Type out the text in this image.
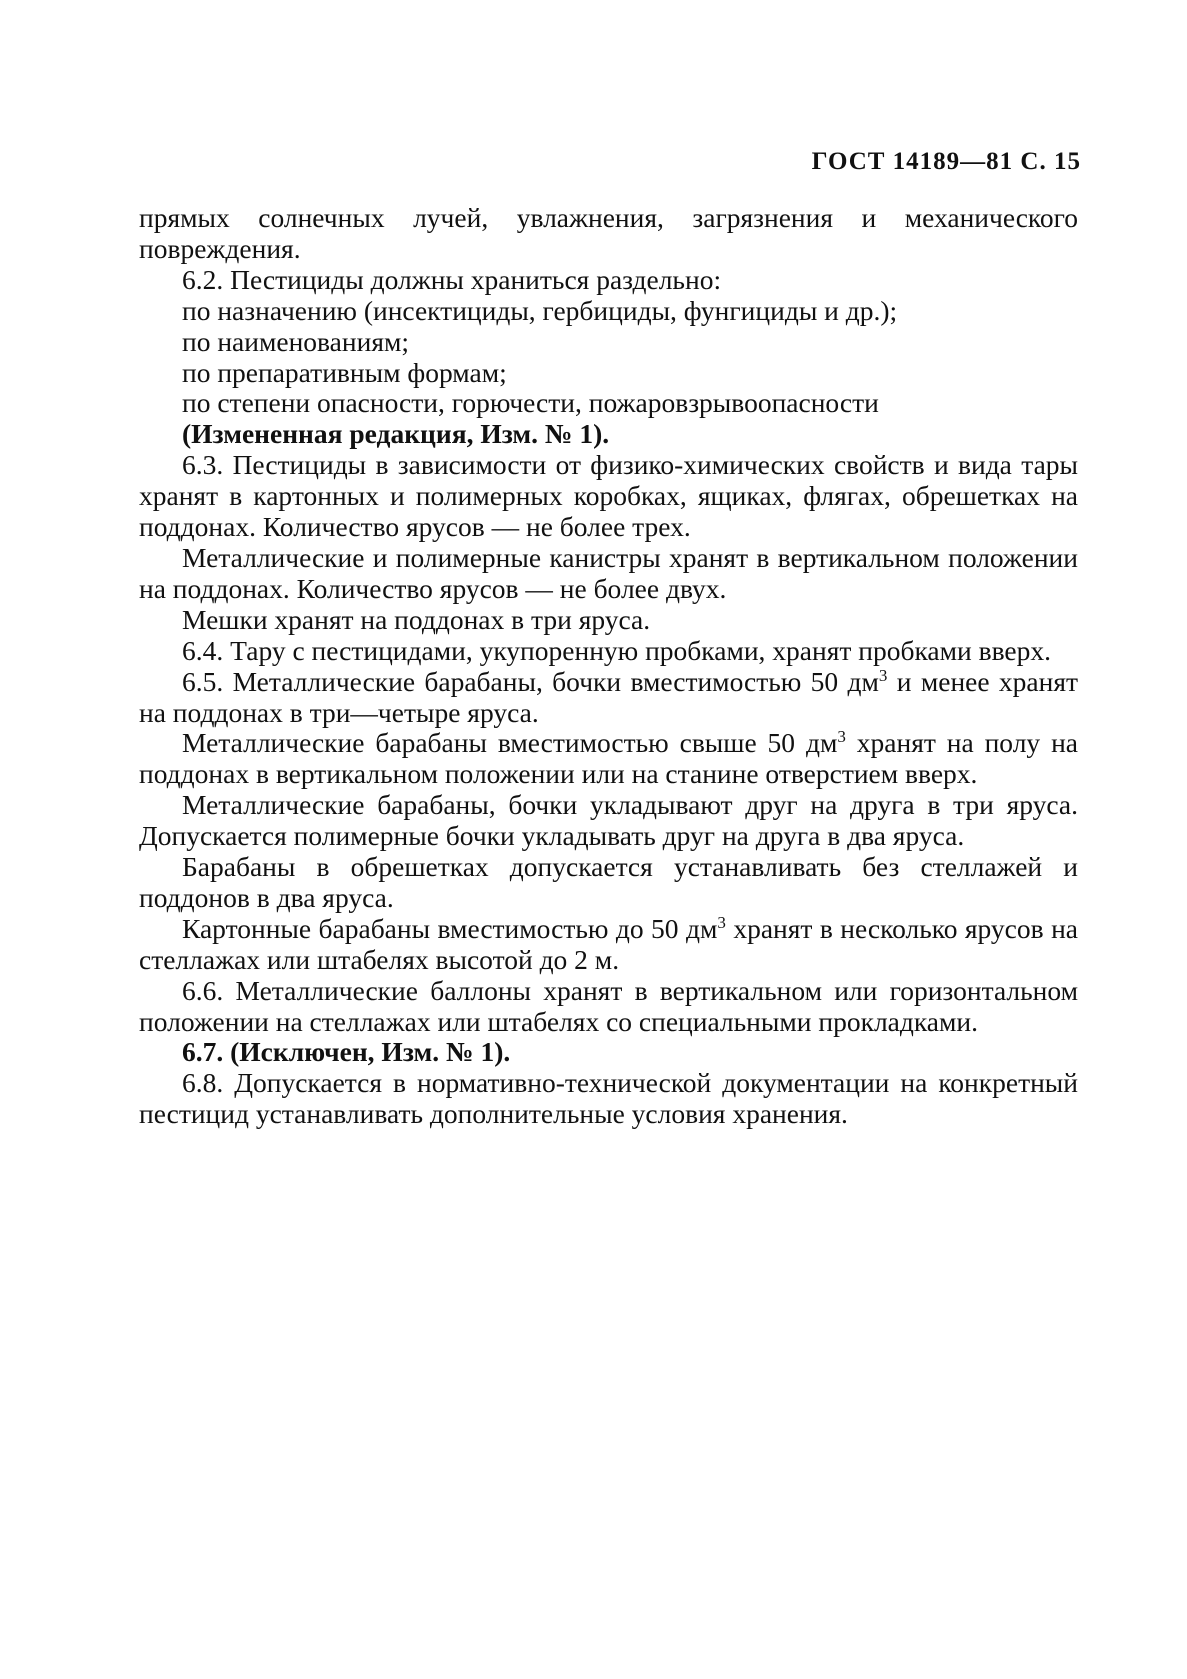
ГОСТ 14189—81 С. 15

прямых солнечных лучей, увлажнения, загрязнения и механического повреждения.

6.2. Пестициды должны храниться раздельно:

по назначению (инсектициды, гербициды, фунгициды и др.);

по наименованиям;

по препаративным формам;

по степени опасности, горючести, пожаровзрывоопасности

(Измененная редакция, Изм. № 1).

6.3. Пестициды в зависимости от физико-химических свойств и вида тары хранят в картонных и полимерных коробках, ящиках, флягах, обрешетках на поддонах. Количество ярусов — не более трех.

Металлические и полимерные канистры хранят в вертикальном положении на поддонах. Количество ярусов — не более двух.

Мешки хранят на поддонах в три яруса.

6.4. Тару с пестицидами, укупоренную пробками, хранят пробками вверх.

6.5. Металлические барабаны, бочки вместимостью 50 $дм^3$ и менее хранят на поддонах в три—четыре яруса.

Металлические барабаны вместимостью свыше 50 $дм^3$ хранят на полу на поддонах в вертикальном положении или на станине отверстием вверх.

Металлические барабаны, бочки укладывают друг на друга в три яруса. Допускается полимерные бочки укладывать друг на друга в два яруса.

Барабаны в обрешетках допускается устанавливать без стеллажей и поддонов в два яруса.

Картонные барабаны вместимостью до 50 $дм^3$ хранят в несколько ярусов на стеллажах или штабелях высотой до 2 м.

6.6. Металлические баллоны хранят в вертикальном или горизонтальном положении на стеллажах или штабелях со специальными прокладками.

6.7. (Исключен, Изм. № 1).

6.8. Допускается в нормативно-технической документации на конкретный пестицид устанавливать дополнительные условия хранения.
